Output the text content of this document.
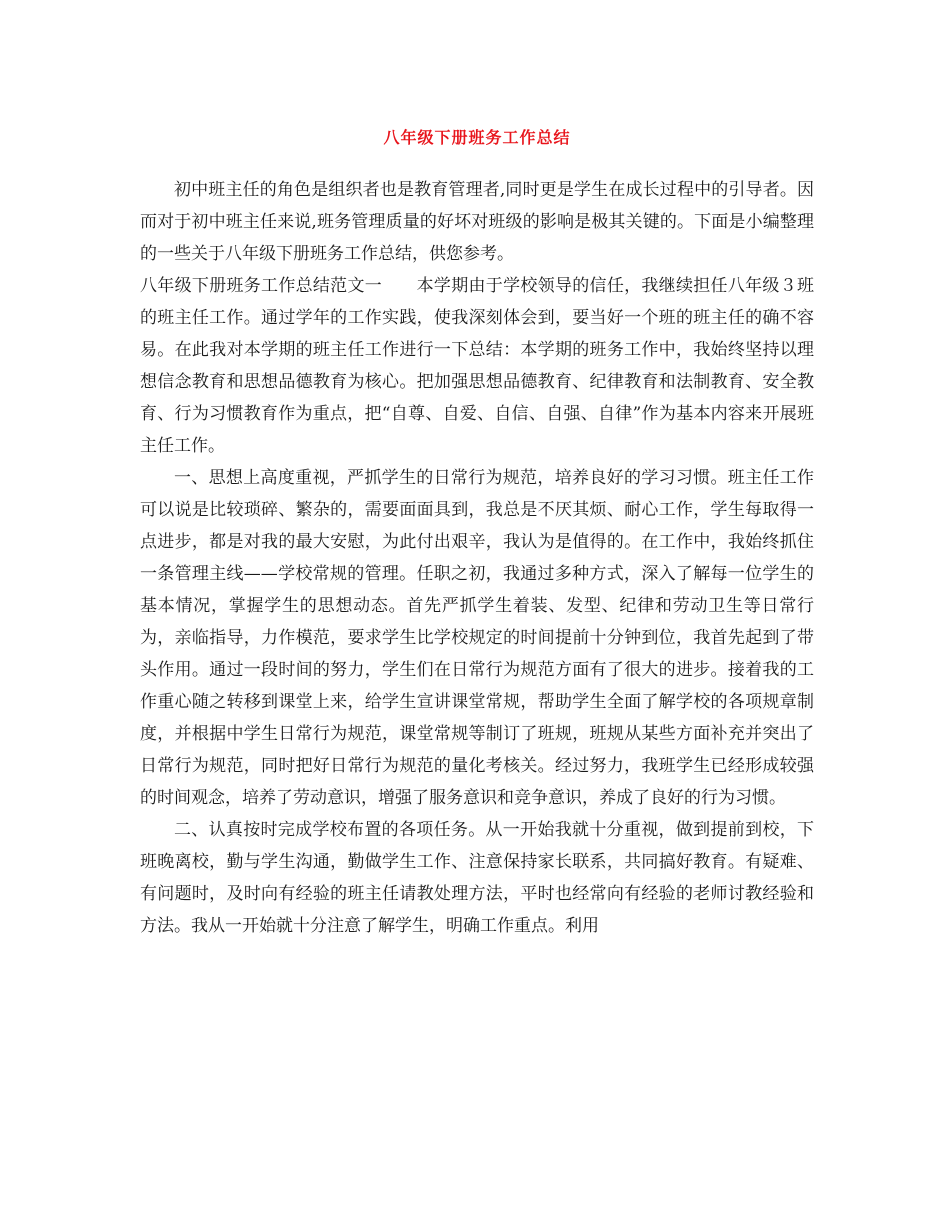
八年级下册班务工作总结

初中班主任的角色是组织者也是教育管理者,同时更是学生在成长过程中的引导者。因而对于初中班主任来说,班务管理质量的好坏对班级的影响是极其关键的。下面是小编整理的一些关于八年级下册班务工作总结，供您参考。

八年级下册班务工作总结范文一　　本学期由于学校领导的信任，我继续担任八年级３班的班主任工作。通过学年的工作实践，使我深刻体会到，要当好一个班的班主任的确不容易。在此我对本学期的班主任工作进行一下总结：本学期的班务工作中，我始终坚持以理想信念教育和思想品德教育为核心。把加强思想品德教育、纪律教育和法制教育、安全教育、行为习惯教育作为重点，把“自尊、自爱、自信、自强、自律”作为基本内容来开展班主任工作。

一、思想上高度重视，严抓学生的日常行为规范，培养良好的学习习惯。班主任工作可以说是比较琐碎、繁杂的，需要面面具到，我总是不厌其烦、耐心工作，学生每取得一点进步，都是对我的最大安慰，为此付出艰辛，我认为是值得的。在工作中，我始终抓住一条管理主线——学校常规的管理。任职之初，我通过多种方式，深入了解每一位学生的基本情况，掌握学生的思想动态。首先严抓学生着装、发型、纪律和劳动卫生等日常行为，亲临指导，力作模范，要求学生比学校规定的时间提前十分钟到位，我首先起到了带头作用。通过一段时间的努力，学生们在日常行为规范方面有了很大的进步。接着我的工作重心随之转移到课堂上来，给学生宣讲课堂常规，帮助学生全面了解学校的各项规章制度，并根据中学生日常行为规范，课堂常规等制订了班规，班规从某些方面补充并突出了日常行为规范，同时把好日常行为规范的量化考核关。经过努力，我班学生已经形成较强的时间观念，培养了劳动意识，增强了服务意识和竞争意识，养成了良好的行为习惯。

二、认真按时完成学校布置的各项任务。从一开始我就十分重视，做到提前到校，下班晚离校，勤与学生沟通，勤做学生工作、注意保持家长联系，共同搞好教育。有疑难、有问题时，及时向有经验的班主任请教处理方法，平时也经常向有经验的老师讨教经验和方法。我从一开始就十分注意了解学生，明确工作重点。利用
